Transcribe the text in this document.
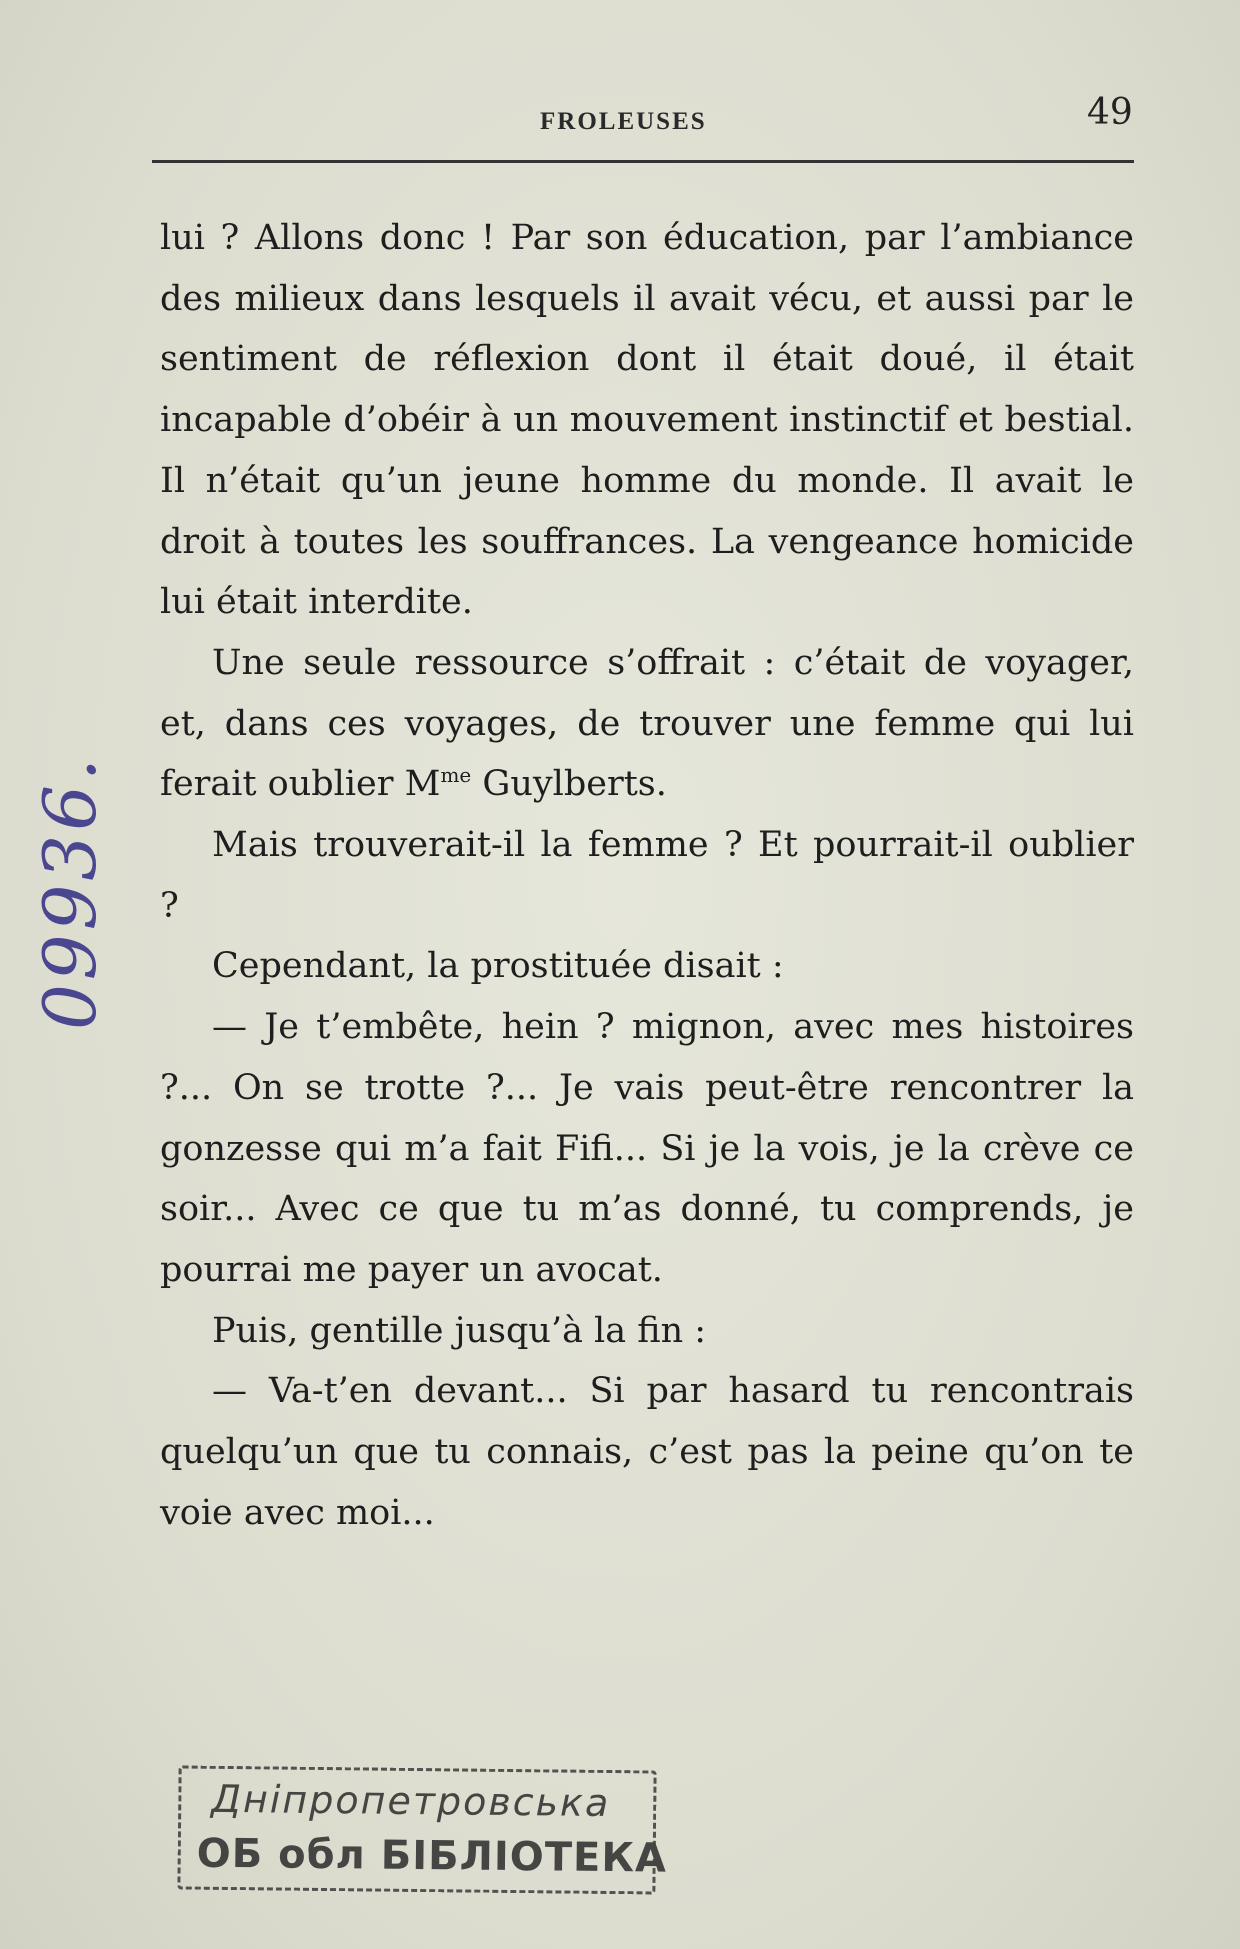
FROLEUSES	49

lui ? Allons donc ! Par son éducation, par l’ambiance des milieux dans lesquels il avait vécu, et aussi par le sentiment de réflexion dont il était doué, il était incapable d’obéir à un mouvement instinctif et bestial. Il n’était qu’un jeune homme du monde. Il avait le droit à toutes les souffrances. La vengeance homicide lui était interdite.

Une seule ressource s’offrait : c’était de voyager, et, dans ces voyages, de trouver une femme qui lui ferait oublier $M^{me}$ Guylberts.

Mais trouverait-il la femme ? Et pourrait-il oublier ?

Cependant, la prostituée disait :

— Je t’embête, hein ? mignon, avec mes histoires ?... On se trotte ?... Je vais peut-être rencontrer la gonzesse qui m’a fait Fifi... Si je la vois, je la crève ce soir... Avec ce que tu m’as donné, tu comprends, je pourrai me payer un avocat.

Puis, gentille jusqu’à la fin :

— Va-t’en devant... Si par hasard tu rencontrais quelqu’un que tu connais, c’est pas la peine qu’on te voie avec moi...

09936.
Дніпропетровська
ОБ обл БІБЛІОТЕКА
